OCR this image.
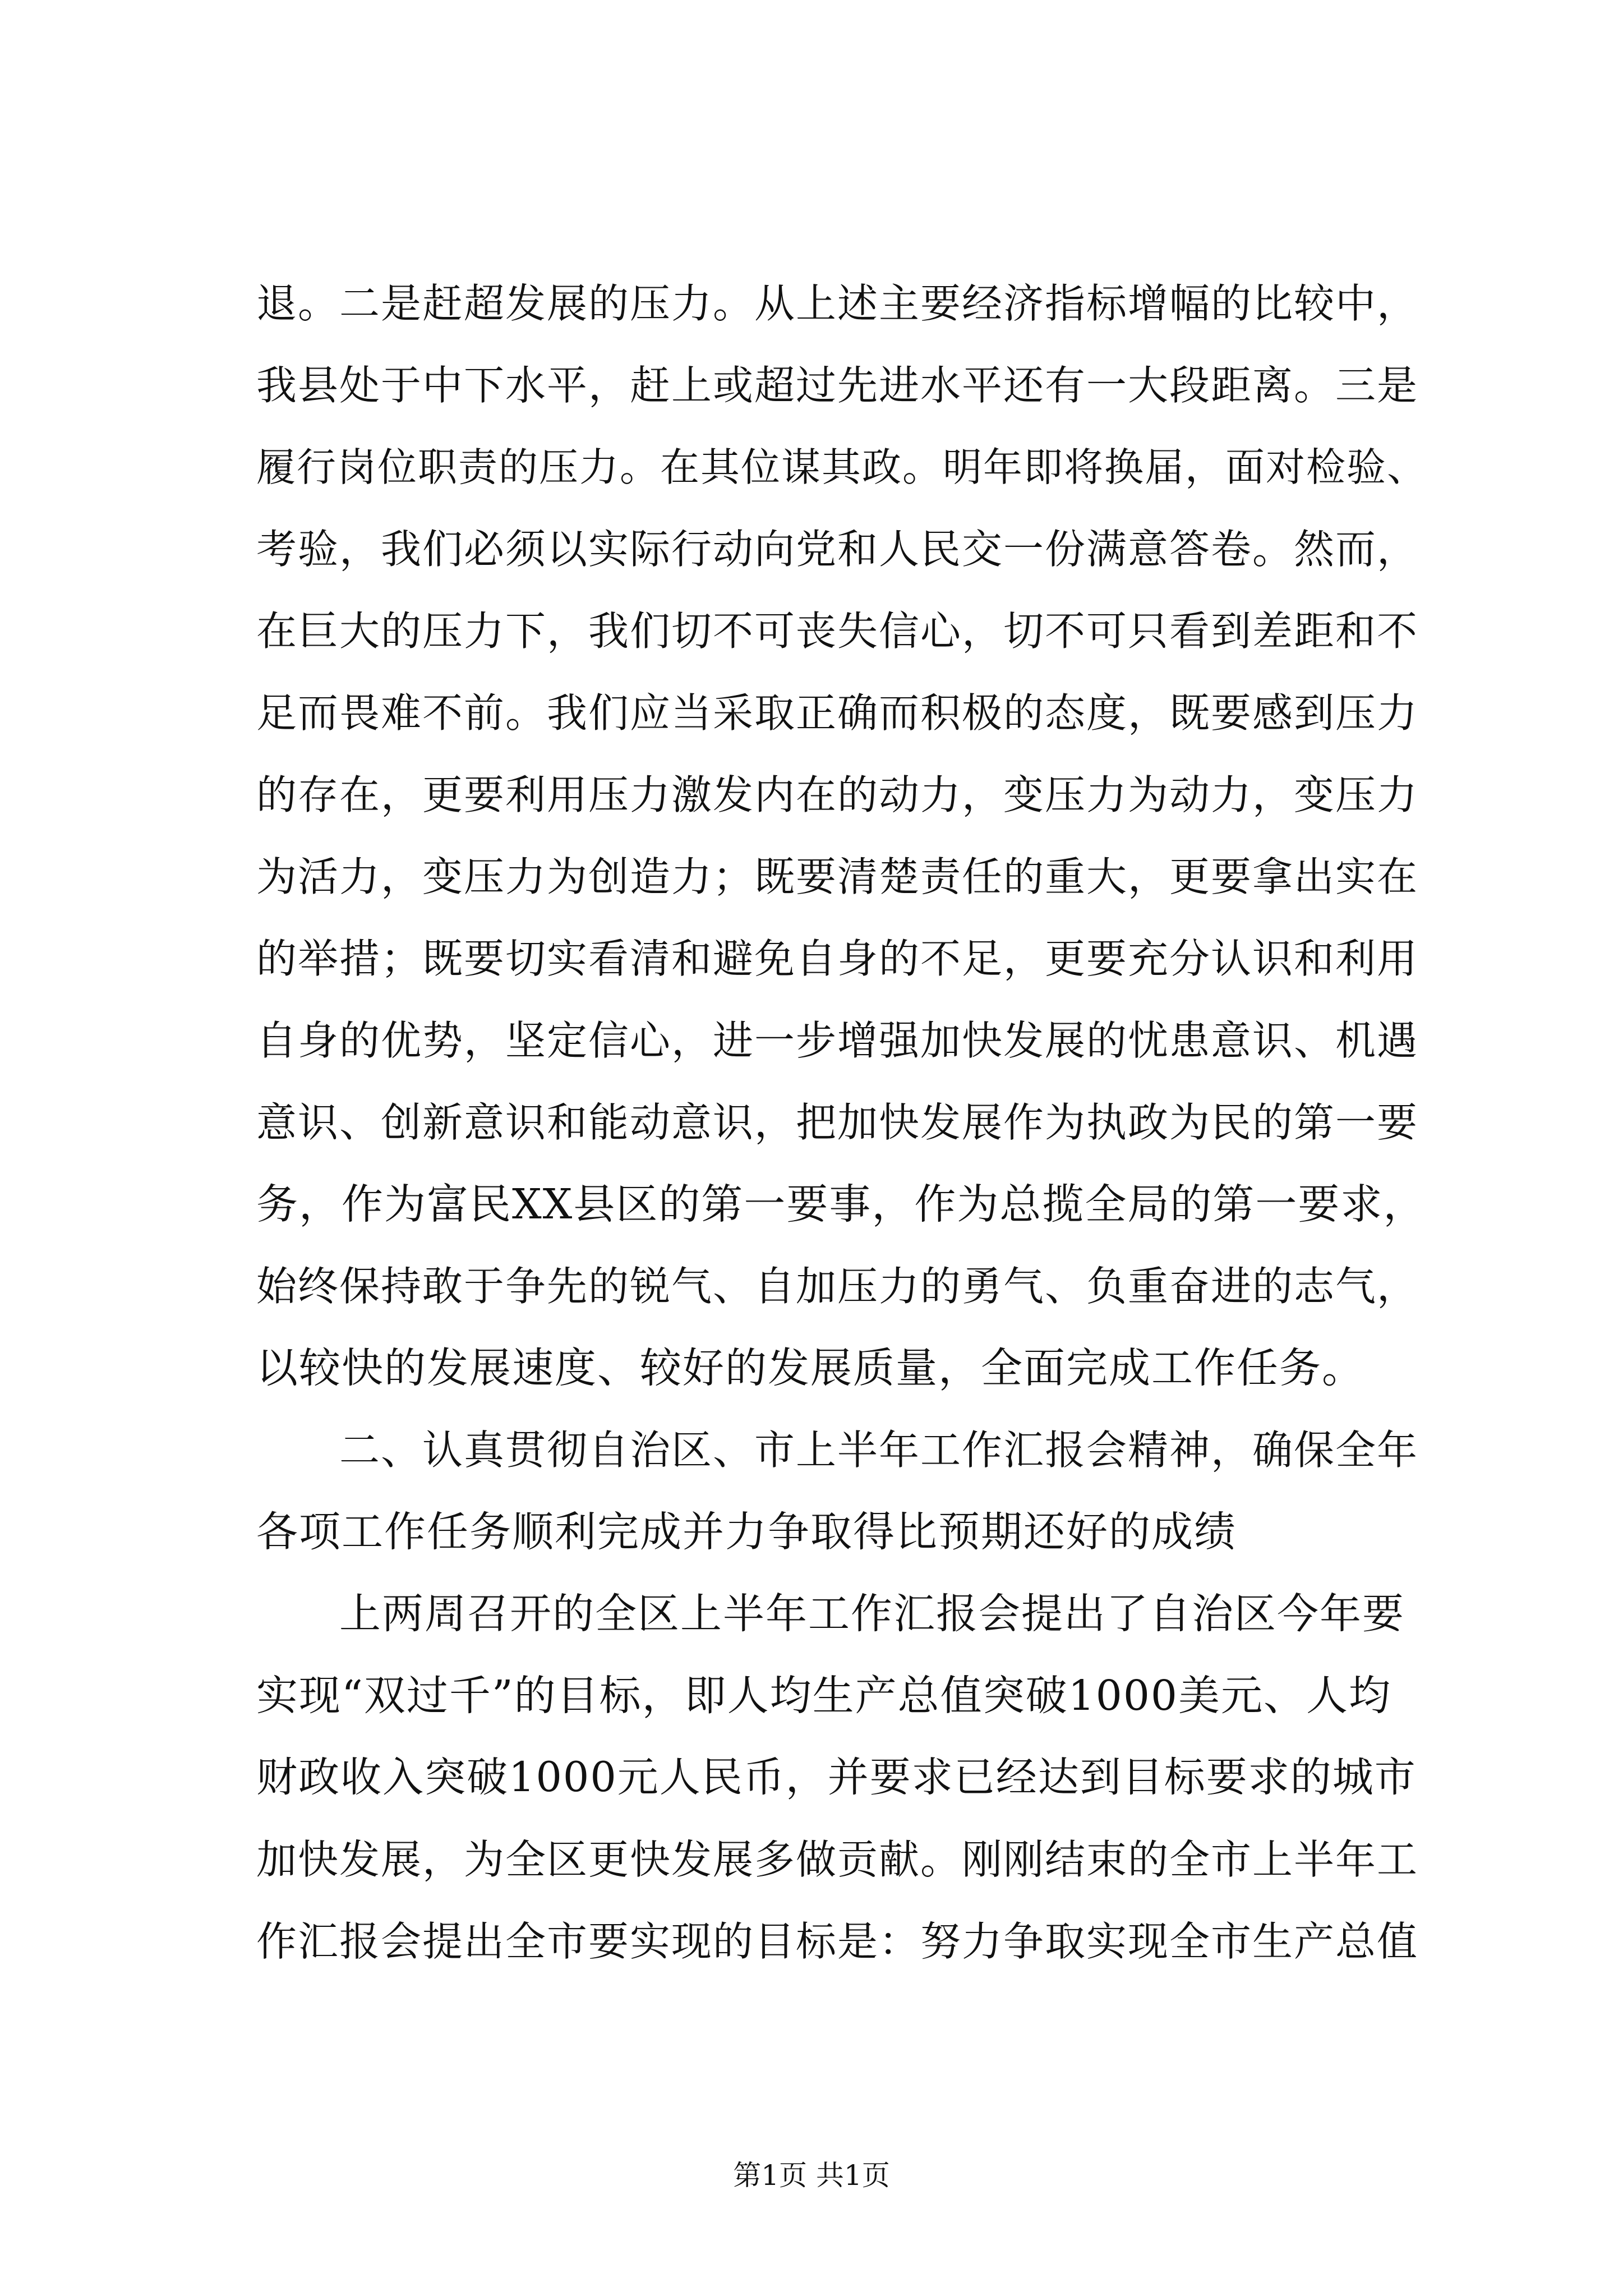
退。二是赶超发展的压力。从上述主要经济指标增幅的比较中，
我县处于中下水平，赶上或超过先进水平还有一大段距离。三是
履行岗位职责的压力。在其位谋其政。明年即将换届，面对检验、
考验，我们必须以实际行动向党和人民交一份满意答卷。然而，
在巨大的压力下，我们切不可丧失信心，切不可只看到差距和不
足而畏难不前。我们应当采取正确而积极的态度，既要感到压力
的存在，更要利用压力激发内在的动力，变压力为动力，变压力
为活力，变压力为创造力；既要清楚责任的重大，更要拿出实在
的举措；既要切实看清和避免自身的不足，更要充分认识和利用
自身的优势，坚定信心，进一步增强加快发展的忧患意识、机遇
意识、创新意识和能动意识，把加快发展作为执政为民的第一要
务，作为富民XX县区的第一要事，作为总揽全局的第一要求，
始终保持敢于争先的锐气、自加压力的勇气、负重奋进的志气，
以较快的发展速度、较好的发展质量，全面完成工作任务。
二、认真贯彻自治区、市上半年工作汇报会精神，确保全年
各项工作任务顺利完成并力争取得比预期还好的成绩
上两周召开的全区上半年工作汇报会提出了自治区今年要
实现“双过千”的目标，即人均生产总值突破1000美元、人均
财政收入突破1000元人民币，并要求已经达到目标要求的城市
加快发展，为全区更快发展多做贡献。刚刚结束的全市上半年工
作汇报会提出全市要实现的目标是：努力争取实现全市生产总值
第1页 共1页
